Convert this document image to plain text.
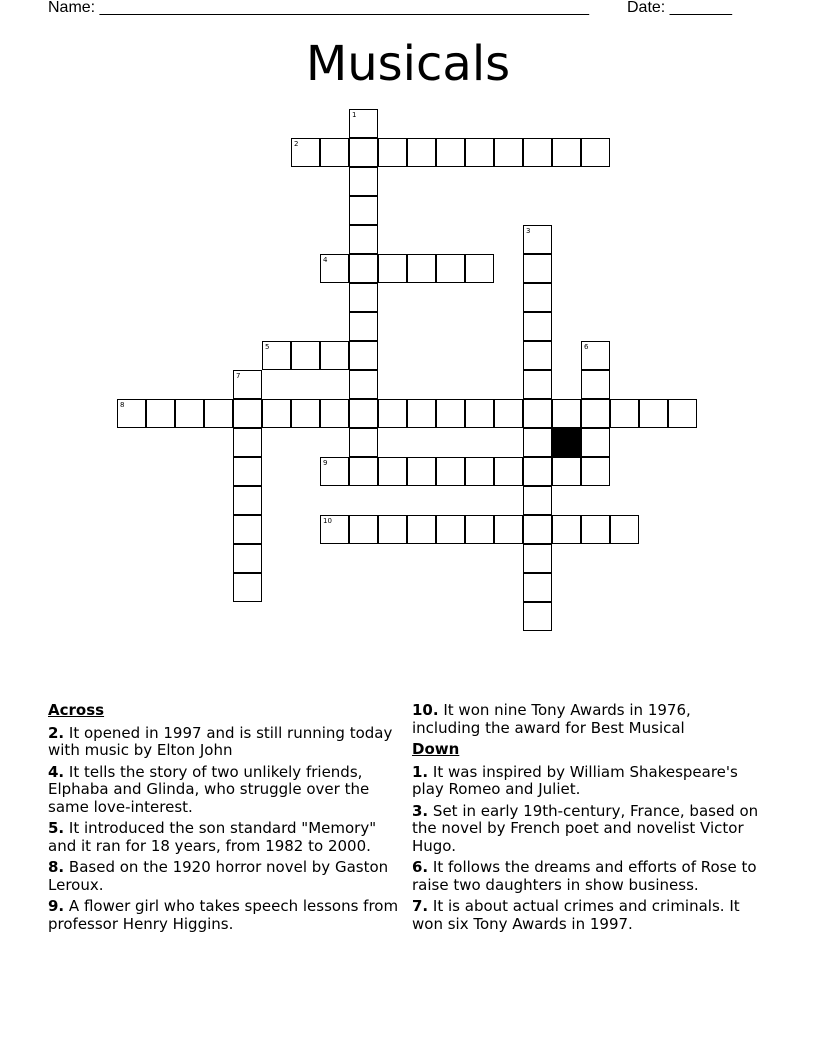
Name: _______________________________________________________ Date: _______
Musicals
1
2
3
4
5	6
7
8
9
10
Across
2. It opened in 1997 and is still running today with music by Elton John
4. It tells the story of two unlikely friends, Elphaba and Glinda, who struggle over the same love-interest.
5. It introduced the son standard "Memory" and it ran for 18 years, from 1982 to 2000.
8. Based on the 1920 horror novel by Gaston Leroux.
9. A flower girl who takes speech lessons from professor Henry Higgins.
10. It won nine Tony Awards in 1976, including the award for Best Musical
Down
1. It was inspired by William Shakespeare's play Romeo and Juliet.
3. Set in early 19th-century, France, based on the novel by French poet and novelist Victor Hugo.
6. It follows the dreams and efforts of Rose to raise two daughters in show business.
7. It is about actual crimes and criminals. It won six Tony Awards in 1997.
